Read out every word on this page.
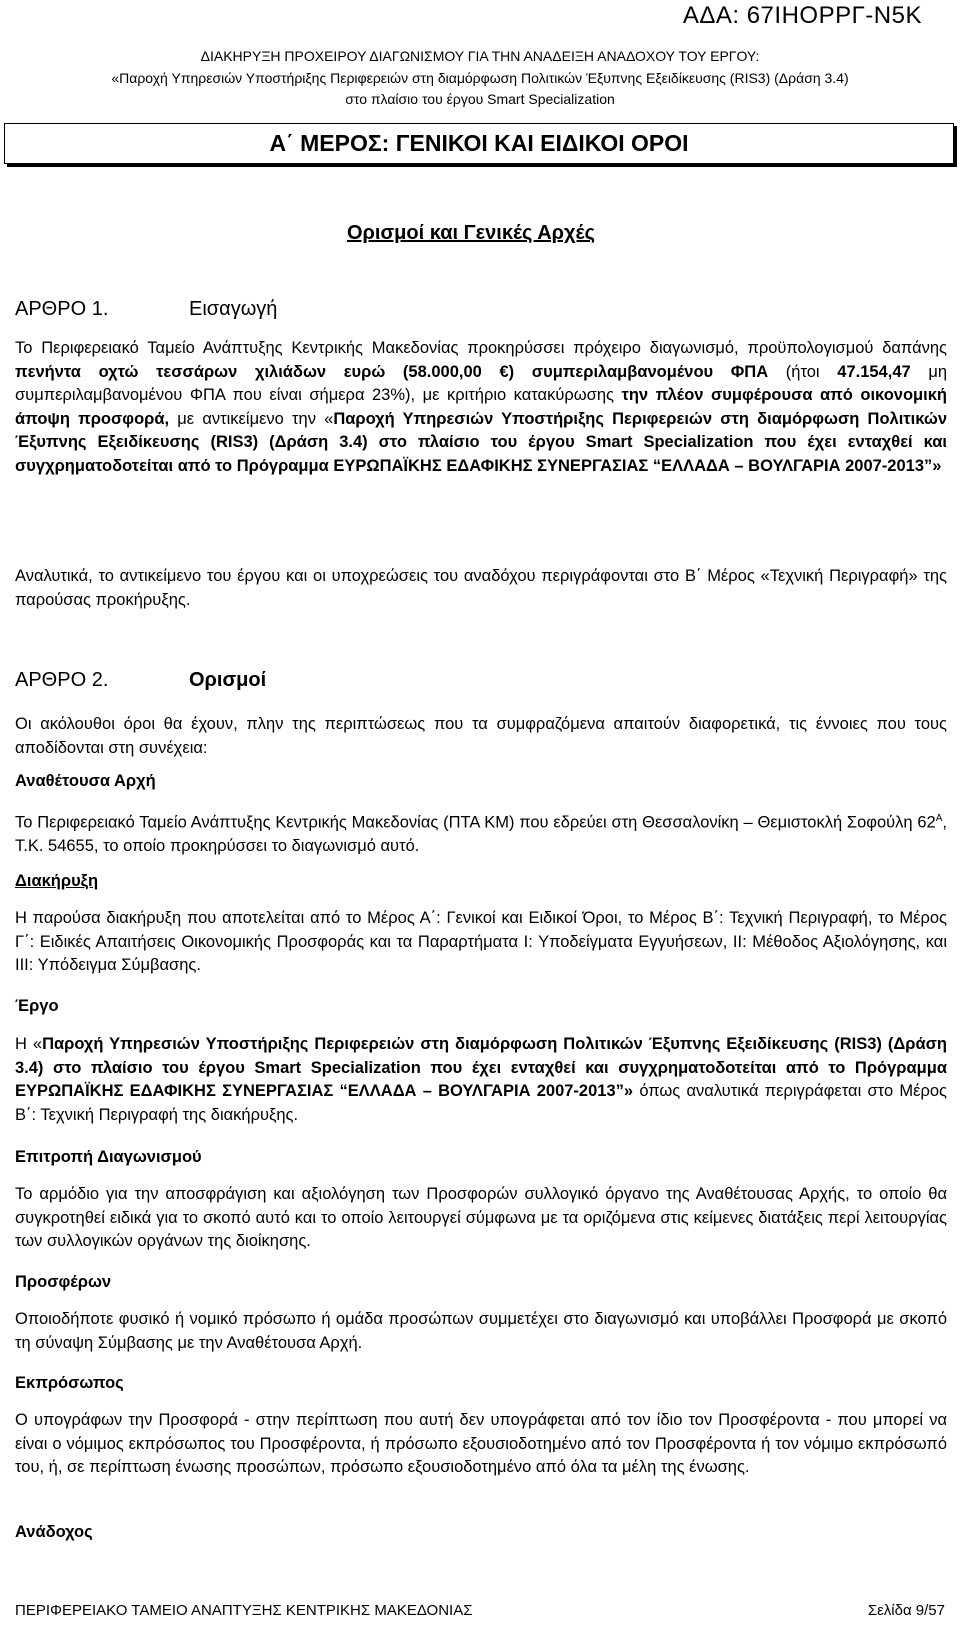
ΑΔΑ: 67ΙΗΟΡΡΓ-Ν5Κ
ΔΙΑΚΗΡΥΞΗ ΠΡΟΧΕΙΡΟΥ ΔΙΑΓΩΝΙΣΜΟΥ ΓΙΑ ΤΗΝ ΑΝΑΔΕΙΞΗ ΑΝΑΔΟΧΟΥ ΤΟΥ ΕΡΓΟΥ:
«Παροχή Υπηρεσιών Υποστήριξης Περιφερειών στη διαμόρφωση Πολιτικών Έξυπνης Εξειδίκευσης (RIS3) (Δράση 3.4)
στο πλαίσιο του έργου Smart Specialization
Α΄ ΜΕΡΟΣ: ΓΕΝΙΚΟΙ ΚΑΙ ΕΙΔΙΚΟΙ ΟΡΟΙ
Ορισμοί και Γενικές Αρχές
ΑΡΘΡΟ 1.	Εισαγωγή
Το Περιφερειακό Ταμείο Ανάπτυξης Κεντρικής Μακεδονίας προκηρύσσει πρόχειρο διαγωνισμό, προϋπολογισμού δαπάνης πενήντα οχτώ τεσσάρων χιλιάδων ευρώ (58.000,00 €) συμπεριλαμβανομένου ΦΠΑ (ήτοι 47.154,47 μη συμπεριλαμβανομένου ΦΠΑ που είναι σήμερα 23%), με κριτήριο κατακύρωσης την πλέον συμφέρουσα από οικονομική άποψη προσφορά, με αντικείμενο την «Παροχή Υπηρεσιών Υποστήριξης Περιφερειών στη διαμόρφωση Πολιτικών Έξυπνης Εξειδίκευσης (RIS3) (Δράση 3.4) στο πλαίσιο του έργου Smart Specialization που έχει ενταχθεί και συγχρηματοδοτείται από το Πρόγραμμα ΕΥΡΩΠΑΪΚΗΣ ΕΔΑΦΙΚΗΣ ΣΥΝΕΡΓΑΣΙΑΣ “ΕΛΛΑΔΑ – ΒΟΥΛΓΑΡΙΑ 2007-2013”»
Αναλυτικά, το αντικείμενο του έργου και οι υποχρεώσεις του αναδόχου περιγράφονται στο Β΄ Μέρος «Τεχνική Περιγραφή» της παρούσας προκήρυξης.
ΑΡΘΡΟ 2.	Ορισμοί
Οι ακόλουθοι όροι θα έχουν, πλην της περιπτώσεως που τα συμφραζόμενα απαιτούν διαφορετικά, τις έννοιες που τους αποδίδονται στη συνέχεια:
Αναθέτουσα Αρχή
Το Περιφερειακό Ταμείο Ανάπτυξης Κεντρικής Μακεδονίας (ΠΤΑ ΚΜ) που εδρεύει στη Θεσσαλονίκη – Θεμιστοκλή Σοφούλη $62^A$, Τ.Κ. 54655, το οποίο προκηρύσσει το διαγωνισμό αυτό.
Διακήρυξη
Η παρούσα διακήρυξη που αποτελείται από το Μέρος Α΄: Γενικοί και Ειδικοί Όροι, το Μέρος Β΄: Τεχνική Περιγραφή, το Μέρος Γ΄: Ειδικές Απαιτήσεις Οικονομικής Προσφοράς και τα Παραρτήματα Ι: Υποδείγματα Εγγυήσεων, ΙΙ: Μέθοδος Αξιολόγησης, και ΙΙΙ: Υπόδειγμα Σύμβασης.
Έργο
Η «Παροχή Υπηρεσιών Υποστήριξης Περιφερειών στη διαμόρφωση Πολιτικών Έξυπνης Εξειδίκευσης (RIS3) (Δράση 3.4) στο πλαίσιο του έργου Smart Specialization που έχει ενταχθεί και συγχρηματοδοτείται από το Πρόγραμμα ΕΥΡΩΠΑΪΚΗΣ ΕΔΑΦΙΚΗΣ ΣΥΝΕΡΓΑΣΙΑΣ “ΕΛΛΑΔΑ – ΒΟΥΛΓΑΡΙΑ 2007-2013”» όπως αναλυτικά περιγράφεται στο Μέρος Β΄: Τεχνική Περιγραφή της διακήρυξης.
Επιτροπή Διαγωνισμού
Το αρμόδιο για την αποσφράγιση και αξιολόγηση των Προσφορών συλλογικό όργανο της Αναθέτουσας Αρχής, το οποίο θα συγκροτηθεί ειδικά για το σκοπό αυτό και το οποίο λειτουργεί σύμφωνα με τα οριζόμενα στις κείμενες διατάξεις περί λειτουργίας των συλλογικών οργάνων της διοίκησης.
Προσφέρων
Οποιοδήποτε φυσικό ή νομικό πρόσωπο ή ομάδα προσώπων συμμετέχει στο διαγωνισμό και υποβάλλει Προσφορά με σκοπό τη σύναψη Σύμβασης με την Αναθέτουσα Αρχή.
Εκπρόσωπος
Ο υπογράφων την Προσφορά - στην περίπτωση που αυτή δεν υπογράφεται από τον ίδιο τον Προσφέροντα - που μπορεί να είναι ο νόμιμος εκπρόσωπος του Προσφέροντα, ή πρόσωπο εξουσιοδοτημένο από τον Προσφέροντα ή τον νόμιμο εκπρόσωπό του, ή, σε περίπτωση ένωσης προσώπων, πρόσωπο εξουσιοδοτημένο από όλα τα μέλη της ένωσης.
Ανάδοχος
ΠΕΡΙΦΕΡΕΙΑΚΟ ΤΑΜΕΙΟ ΑΝΑΠΤΥΞΗΣ ΚΕΝΤΡΙΚΗΣ ΜΑΚΕΔΟΝΙΑΣ	Σελίδα 9/57
